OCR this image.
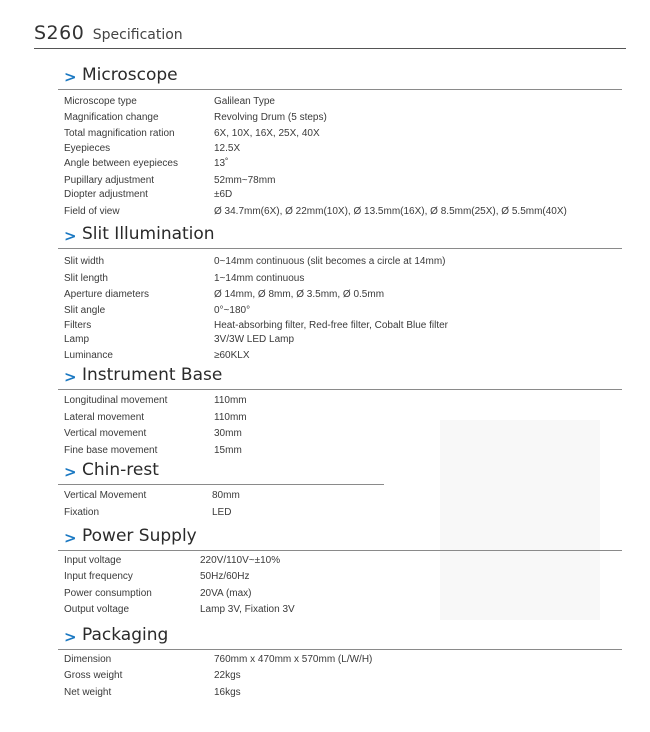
S260 Specification
> Microscope
Microscope type	Galilean Type
Magnification change	Revolving Drum (5 steps)
Total magnification ration	6X, 10X, 16X, 25X, 40X
Eyepieces	12.5X
Angle between eyepieces	13˚
Pupillary adjustment	52mm~78mm
Diopter adjustment	±6D
Field of view	Ø 34.7mm(6X), Ø 22mm(10X), Ø 13.5mm(16X), Ø 8.5mm(25X), Ø 5.5mm(40X)
> Slit Illumination
Slit width	0~14mm continuous (slit becomes a circle at 14mm)
Slit length	1~14mm continuous
Aperture diameters	Ø 14mm, Ø 8mm, Ø 3.5mm, Ø 0.5mm
Slit angle	0°~180°
Filters	Heat-absorbing filter, Red-free filter, Cobalt Blue filter
Lamp	3V/3W LED Lamp
Luminance	≥60KLX
> Instrument Base
Longitudinal movement	110mm
Lateral movement	110mm
Vertical movement	30mm
Fine base movement	15mm
> Chin-rest
Vertical Movement	80mm
Fixation	LED
> Power Supply
Input voltage	220V/110V~±10%
Input frequency	50Hz/60Hz
Power consumption	20VA (max)
Output voltage	Lamp 3V, Fixation 3V
> Packaging
Dimension	760mm x 470mm x 570mm (L/W/H)
Gross weight	22kgs
Net weight	16kgs
